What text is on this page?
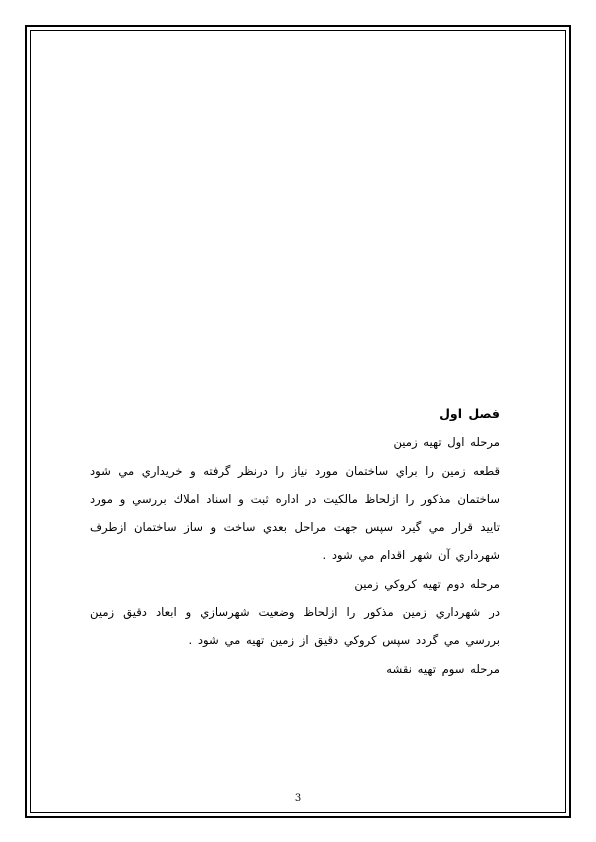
فصل اول

مرحله اول تهيه زمين

قطعه زمين را براي ساختمان مورد نياز را درنظر گرفته و خريداري مي شود ساختمان مذكور را ازلحاظ مالكيت در اداره ثبت و اسناد املاك بررسي و مورد تاييد قرار مي گيرد سپس جهت مراحل بعدي ساخت و ساز ساختمان ازطرف شهرداري آن شهر اقدام مي شود .

مرحله دوم تهيه كروكي زمين

در شهرداري زمين مذكور را ازلحاظ وضعيت شهرسازي و ابعاد دقيق زمين بررسي مي گردد سپس كروكي دقيق از زمين تهيه مي شود .

مرحله سوم تهيه نقشه

3
